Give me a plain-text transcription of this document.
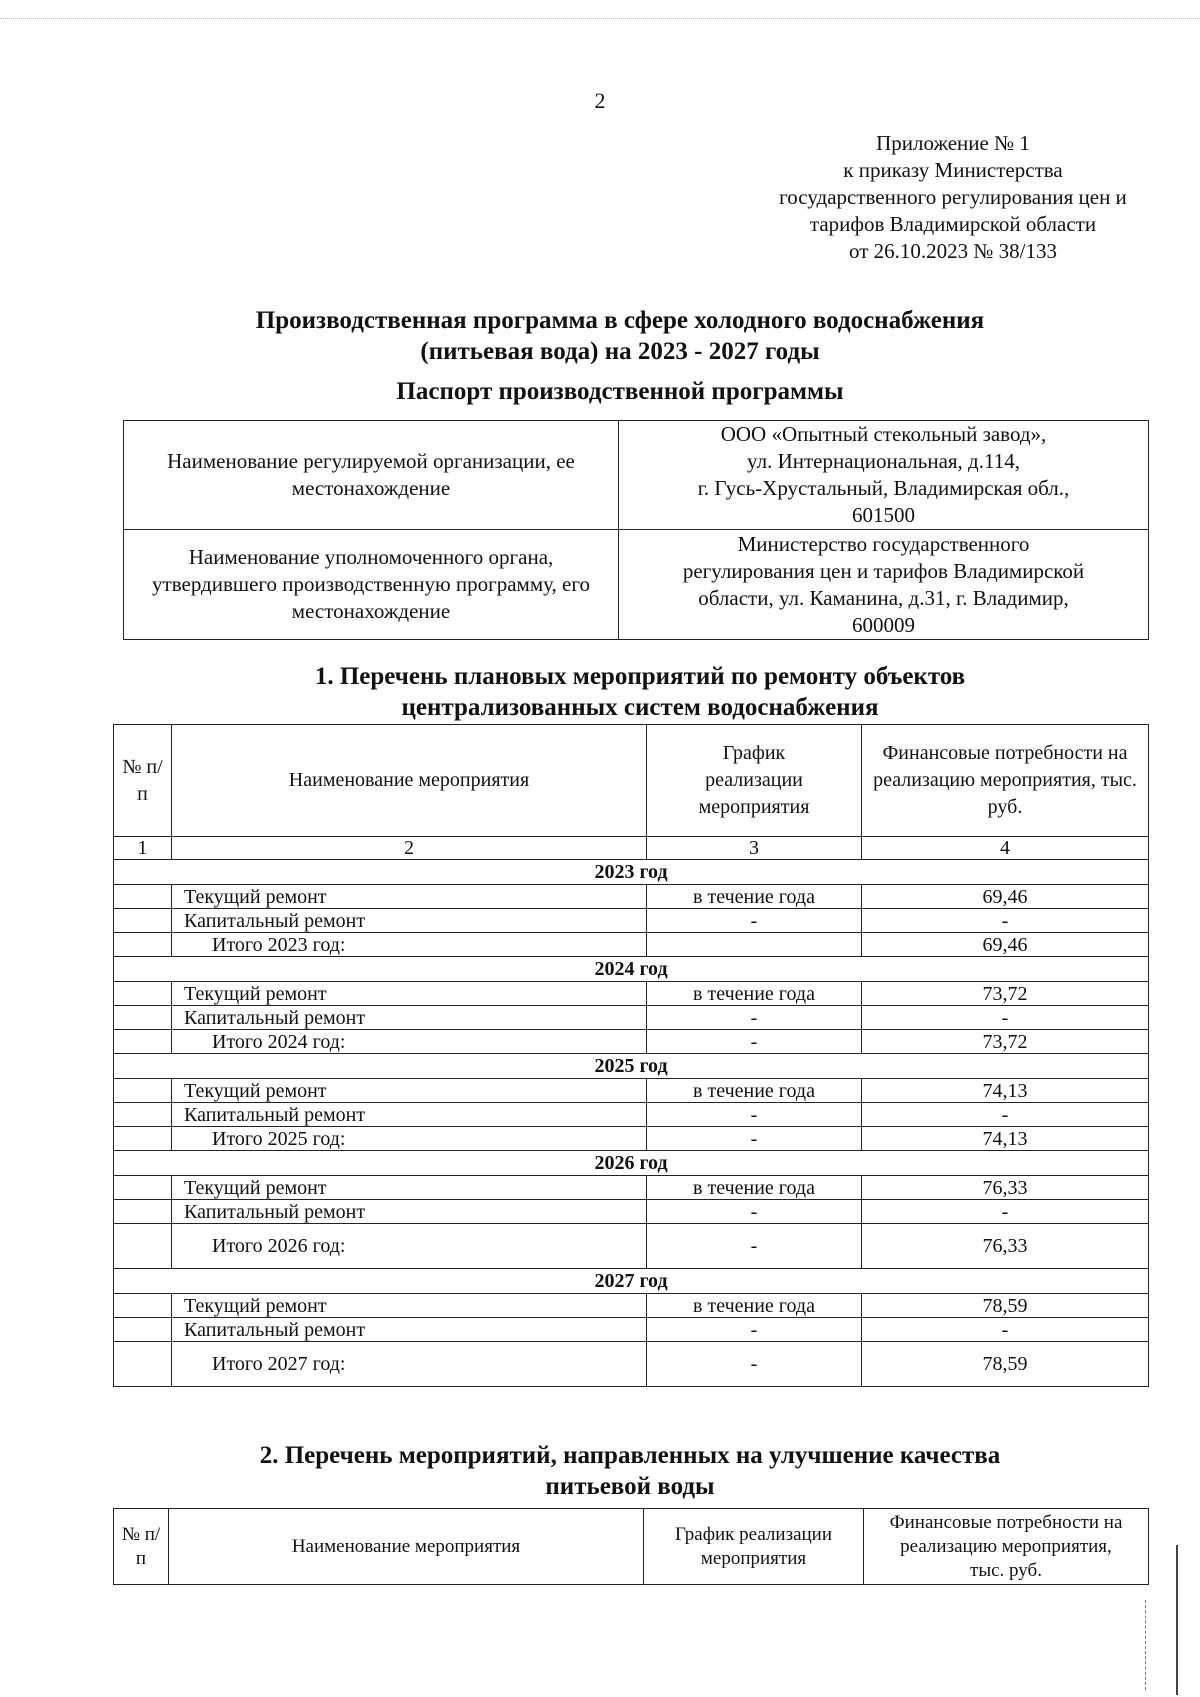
2
Приложение № 1
к приказу Министерства
государственного регулирования цен и
тарифов Владимирской области
от 26.10.2023 № 38/133
Производственная программа в сфере холодного водоснабжения
(питьевая вода) на 2023 - 2027 годы
Паспорт производственной программы
Наименование регулируемой организации, ее местонахождение	ООО «Опытный стекольный завод»,
ул. Интернациональная, д.114,
г. Гусь-Хрустальный, Владимирская обл.,
601500

Наименование уполномоченного органа, утвердившего производственную программу, его местонахождение	Министерство государственного
регулирования цен и тарифов Владимирской
области, ул. Каманина, д.31, г. Владимир,
600009
1. Перечень плановых мероприятий по ремонту объектов
централизованных систем водоснабжения
№ п/п	Наименование мероприятия	График реализации мероприятия	Финансовые потребности на реализацию мероприятия, тыс. руб.
1	2	3	4
2023 год			
	Текущий ремонт	в течение года	69,46
	Капитальный ремонт	-	-
	Итого 2023 год:		69,46
2024 год			
	Текущий ремонт	в течение года	73,72
	Капитальный ремонт	-	-
	Итого 2024 год:	-	73,72
2025 год			
	Текущий ремонт	в течение года	74,13
	Капитальный ремонт	-	-
	Итого 2025 год:	-	74,13
2026 год			
	Текущий ремонт	в течение года	76,33
	Капитальный ремонт	-	-
	Итого 2026 год:	-	76,33
2027 год			
	Текущий ремонт	в течение года	78,59
	Капитальный ремонт	-	-
	Итого 2027 год:	-	78,59
2. Перечень мероприятий, направленных на улучшение качества
питьевой воды
№ п/п	Наименование мероприятия	График реализации мероприятия	Финансовые потребности на реализацию мероприятия, тыс. руб.
